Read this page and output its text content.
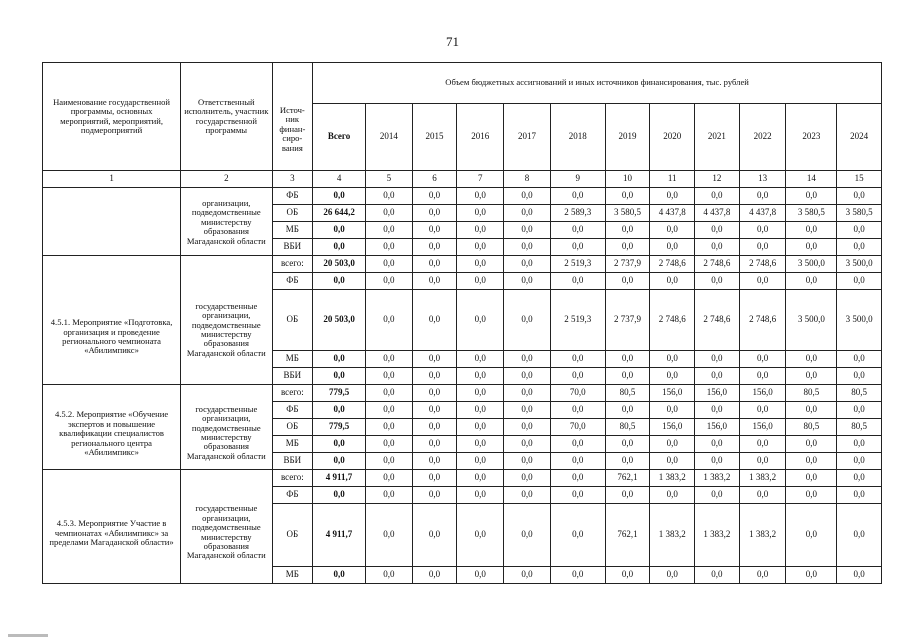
71
Наименование государственной программы, основных мероприятий, мероприятий, подмероприятий	Ответственный исполнитель, участник государственной программы	Источ-ник финан-сиро-вания	Объем бюджетных ассигнований и иных источников финансирования, тыс. рублей											
			Всего	2014	2015	2016	2017	2018	2019	2020	2021	2022	2023	2024
1	2	3	4	5	6	7	8	9	10	11	12	13	14	15
	организации, подведомственные министерству образования Магаданской области	ФБ	0,0	0,0	0,0	0,0	0,0	0,0	0,0	0,0	0,0	0,0	0,0	0,0
		ОБ	26 644,2	0,0	0,0	0,0	0,0	2 589,3	3 580,5	4 437,8	4 437,8	4 437,8	3 580,5	3 580,5
		МБ	0,0	0,0	0,0	0,0	0,0	0,0	0,0	0,0	0,0	0,0	0,0	0,0
		ВБИ	0,0	0,0	0,0	0,0	0,0	0,0	0,0	0,0	0,0	0,0	0,0	0,0
4.5.1. Мероприятие «Подготовка, организация и проведение регионального чемпионата «Абилимпикс»	государственные организации, подведомственные министерству образования Магаданской области	всего:	20 503,0	0,0	0,0	0,0	0,0	2 519,3	2 737,9	2 748,6	2 748,6	2 748,6	3 500,0	3 500,0
		ФБ	0,0	0,0	0,0	0,0	0,0	0,0	0,0	0,0	0,0	0,0	0,0	0,0
		ОБ	20 503,0	0,0	0,0	0,0	0,0	2 519,3	2 737,9	2 748,6	2 748,6	2 748,6	3 500,0	3 500,0
		МБ	0,0	0,0	0,0	0,0	0,0	0,0	0,0	0,0	0,0	0,0	0,0	0,0
		ВБИ	0,0	0,0	0,0	0,0	0,0	0,0	0,0	0,0	0,0	0,0	0,0	0,0
4.5.2. Мероприятие «Обучение экспертов и повышение квалификации специалистов регионального центра «Абилимпикс»	государственные организации, подведомственные министерству образования Магаданской области	всего:	779,5	0,0	0,0	0,0	0,0	70,0	80,5	156,0	156,0	156,0	80,5	80,5
		ФБ	0,0	0,0	0,0	0,0	0,0	0,0	0,0	0,0	0,0	0,0	0,0	0,0
		ОБ	779,5	0,0	0,0	0,0	0,0	70,0	80,5	156,0	156,0	156,0	80,5	80,5
		МБ	0,0	0,0	0,0	0,0	0,0	0,0	0,0	0,0	0,0	0,0	0,0	0,0
		ВБИ	0,0	0,0	0,0	0,0	0,0	0,0	0,0	0,0	0,0	0,0	0,0	0,0
4.5.3. Мероприятие Участие в чемпионатах «Абилимпикс» за пределами Магаданской области»	государственные организации, подведомственные министерству образования Магаданской области	всего:	4 911,7	0,0	0,0	0,0	0,0	0,0	762,1	1 383,2	1 383,2	1 383,2	0,0	0,0
		ФБ	0,0	0,0	0,0	0,0	0,0	0,0	0,0	0,0	0,0	0,0	0,0	0,0
		ОБ	4 911,7	0,0	0,0	0,0	0,0	0,0	762,1	1 383,2	1 383,2	1 383,2	0,0	0,0
		МБ	0,0	0,0	0,0	0,0	0,0	0,0	0,0	0,0	0,0	0,0	0,0	0,0
